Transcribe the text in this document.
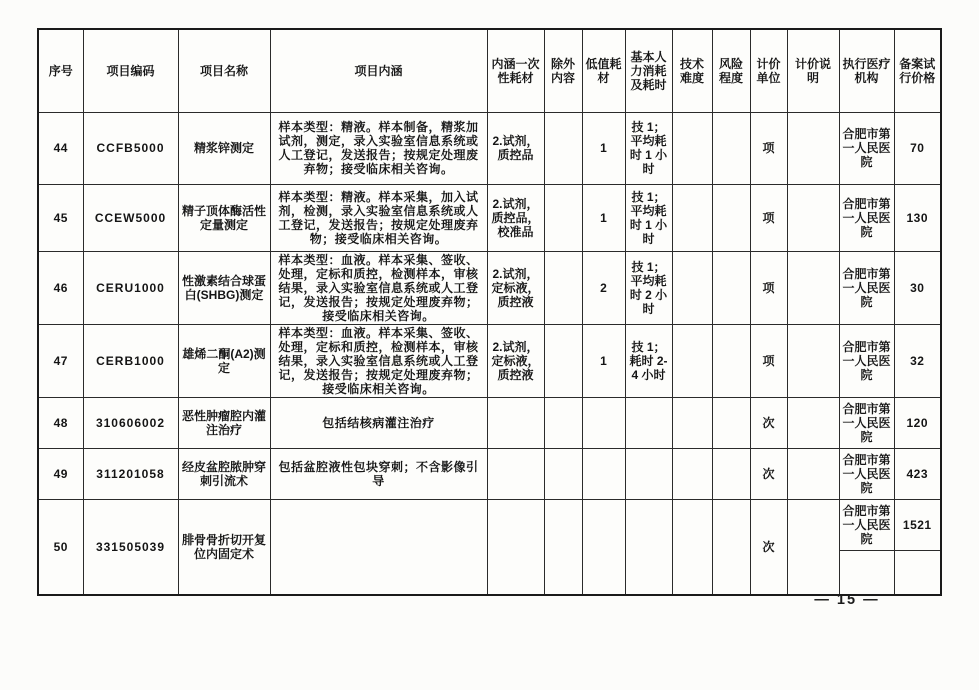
序号	项目编码	项目名称	项目内涵	内涵一次性耗材	除外内容	低值耗材	基本人力消耗及耗时	技术难度	风险程度	计价单位	计价说明	执行医疗机构	备案试行价格
44	CCFB5000	精浆锌测定	样本类型：精液。样本制备，精浆加试剂，测定，录入实验室信息系统或人工登记，发送报告；按规定处理废弃物；接受临床相关咨询。	2.试剂，质控品		1	技 1；平均耗时 1 小时			项		合肥市第一人民医院	70
45	CCEW5000	精子顶体酶活性定量测定	样本类型：精液。样本采集，加入试剂，检测，录入实验室信息系统或人工登记，发送报告；按规定处理废弃物；接受临床相关咨询。	2.试剂，质控品，校准品		1	技 1；平均耗时 1 小时			项		合肥市第一人民医院	130
46	CERU1000	性激素结合球蛋白(SHBG)测定	样本类型：血液。样本采集、签收、处理，定标和质控，检测样本，审核结果，录入实验室信息系统或人工登记，发送报告；按规定处理废弃物；接受临床相关咨询。	2.试剂，定标液，质控液		2	技 1；平均耗时 2 小时			项		合肥市第一人民医院	30
47	CERB1000	雄烯二酮(A2)测定	样本类型：血液。样本采集、签收、处理，定标和质控，检测样本，审核结果，录入实验室信息系统或人工登记，发送报告；按规定处理废弃物；接受临床相关咨询。	2.试剂，定标液，质控液		1	技 1；耗时 2-4 小时			项		合肥市第一人民医院	32
48	310606002	恶性肿瘤腔内灌注治疗	包括结核病灌注治疗							次		合肥市第一人民医院	120
49	311201058	经皮盆腔脓肿穿刺引流术	包括盆腔液性包块穿刺；不含影像引导							次		合肥市第一人民医院	423
50	331505039	腓骨骨折切开复位内固定术								次		合肥市第一人民医院	1521

— 15 —
